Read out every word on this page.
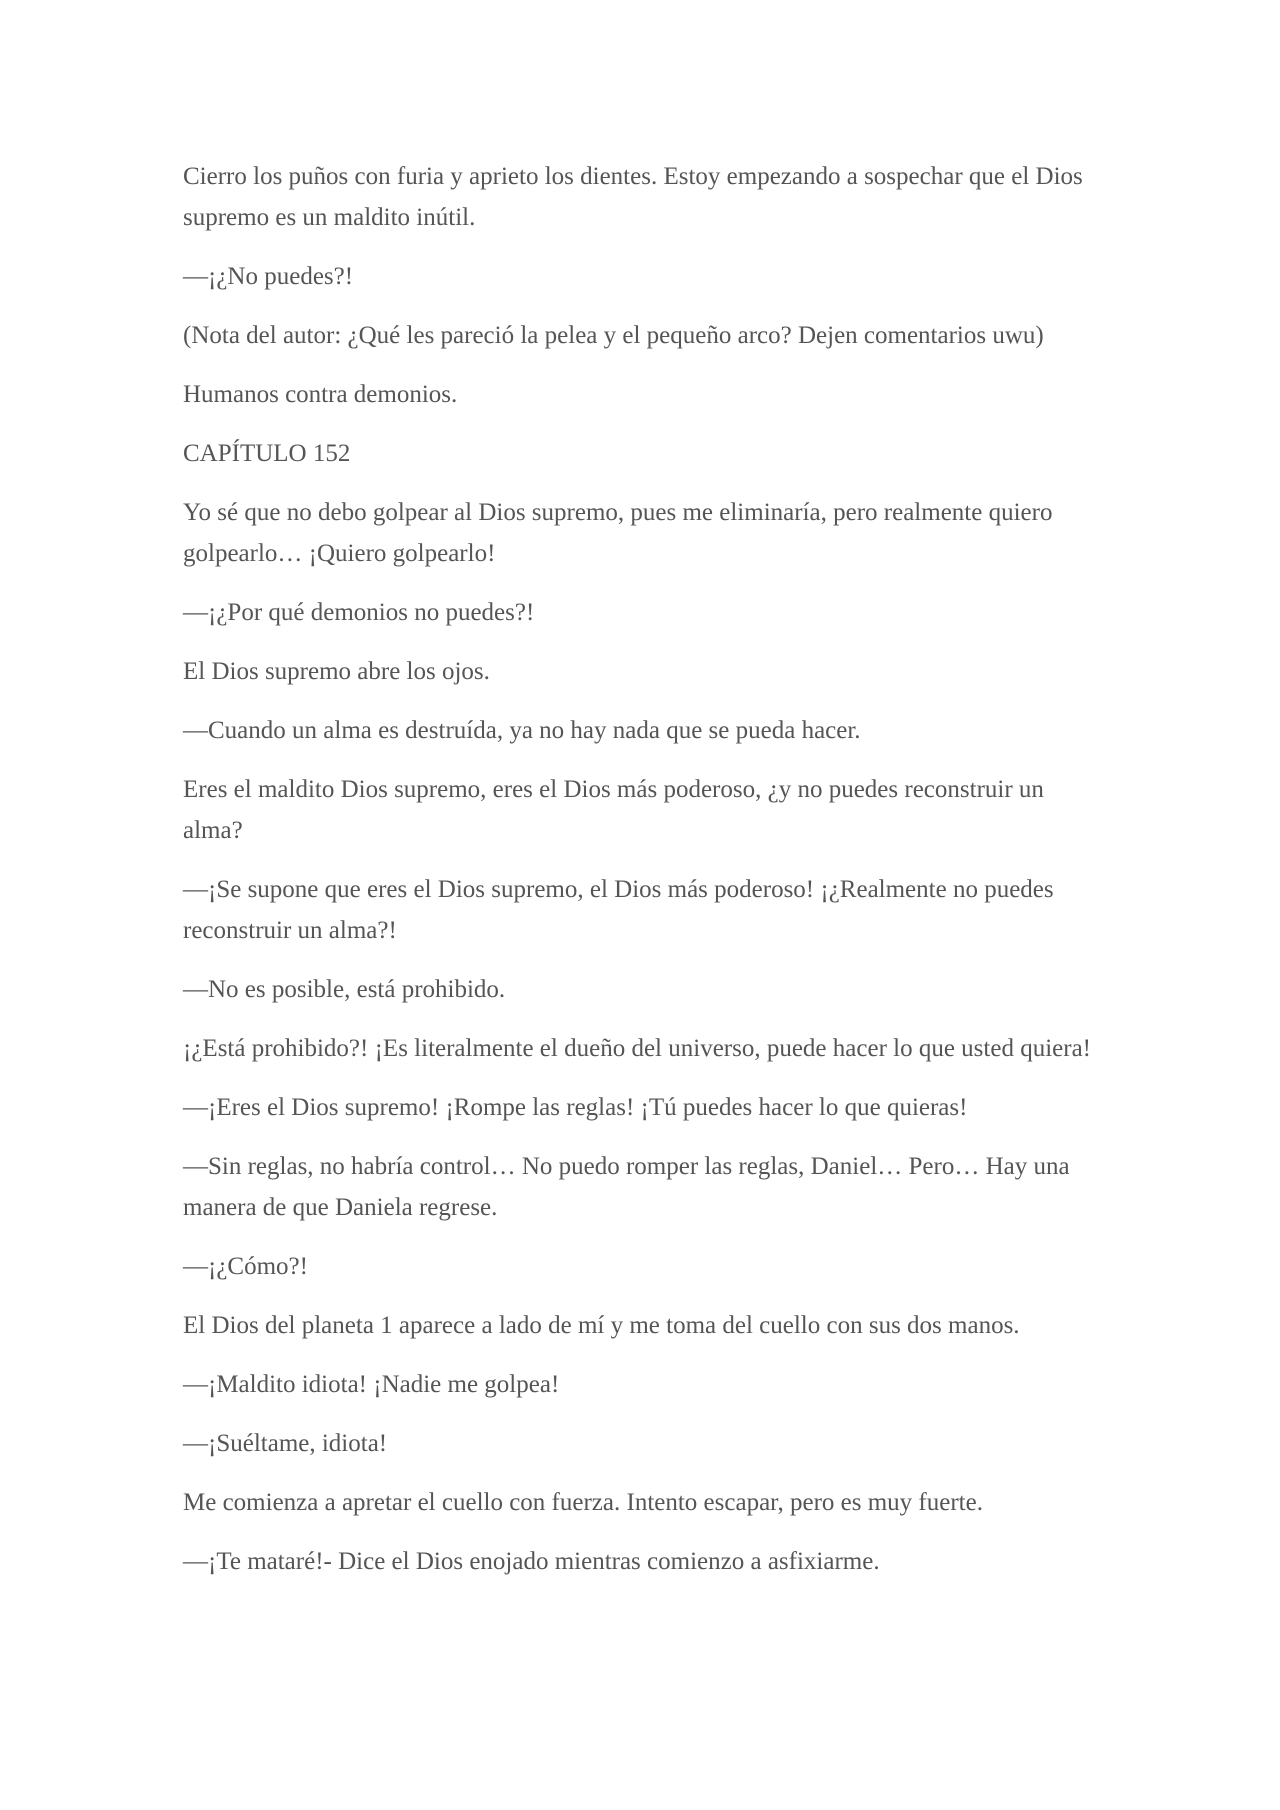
Cierro los puños con furia y aprieto los dientes. Estoy empezando a sospechar que el Dios supremo es un maldito inútil.

—¡¿No puedes?!

(Nota del autor: ¿Qué les pareció la pelea y el pequeño arco? Dejen comentarios uwu)

Humanos contra demonios.

CAPÍTULO 152

Yo sé que no debo golpear al Dios supremo, pues me eliminaría, pero realmente quiero golpearlo… ¡Quiero golpearlo!

—¡¿Por qué demonios no puedes?!

El Dios supremo abre los ojos.

—Cuando un alma es destruída, ya no hay nada que se pueda hacer.

Eres el maldito Dios supremo, eres el Dios más poderoso, ¿y no puedes reconstruir un alma?

—¡Se supone que eres el Dios supremo, el Dios más poderoso! ¡¿Realmente no puedes reconstruir un alma?!

—No es posible, está prohibido.

¡¿Está prohibido?! ¡Es literalmente el dueño del universo, puede hacer lo que usted quiera!

—¡Eres el Dios supremo! ¡Rompe las reglas! ¡Tú puedes hacer lo que quieras!

—Sin reglas, no habría control… No puedo romper las reglas, Daniel… Pero… Hay una manera de que Daniela regrese.

—¡¿Cómo?!

El Dios del planeta 1 aparece a lado de mí y me toma del cuello con sus dos manos.

—¡Maldito idiota! ¡Nadie me golpea!

—¡Suéltame, idiota!

Me comienza a apretar el cuello con fuerza. Intento escapar, pero es muy fuerte.

—¡Te mataré!- Dice el Dios enojado mientras comienzo a asfixiarme.
